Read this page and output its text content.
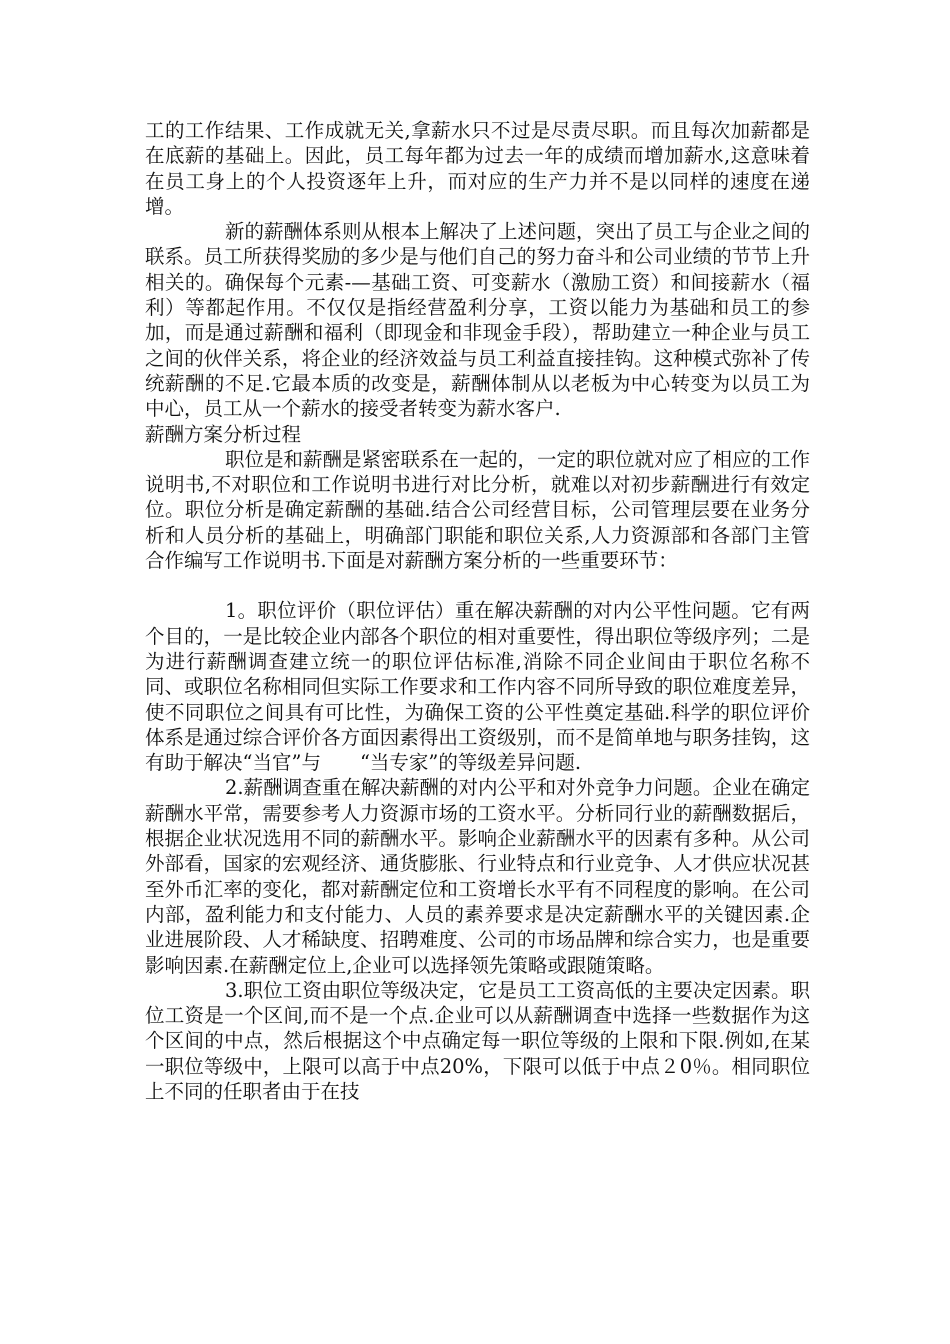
工的工作结果、工作成就无关,拿薪水只不过是尽责尽职。而且每次加薪都是在底薪的基础上。因此，员工每年都为过去一年的成绩而增加薪水,这意味着在员工身上的个人投资逐年上升，而对应的生产力并不是以同样的速度在递增。

新的薪酬体系则从根本上解决了上述问题，突出了员工与企业之间的联系。员工所获得奖励的多少是与他们自己的努力奋斗和公司业绩的节节上升相关的。确保每个元素-—基础工资、可变薪水（激励工资）和间接薪水（福利）等都起作用。不仅仅是指经营盈利分享，工资以能力为基础和员工的参加，而是通过薪酬和福利（即现金和非现金手段），帮助建立一种企业与员工之间的伙伴关系，将企业的经济效益与员工利益直接挂钩。这种模式弥补了传统薪酬的不足.它最本质的改变是，薪酬体制从以老板为中心转变为以员工为中心，员工从一个薪水的接受者转变为薪水客户.

薪酬方案分析过程

职位是和薪酬是紧密联系在一起的，一定的职位就对应了相应的工作说明书,不对职位和工作说明书进行对比分析，就难以对初步薪酬进行有效定位。职位分析是确定薪酬的基础.结合公司经营目标，公司管理层要在业务分析和人员分析的基础上，明确部门职能和职位关系,人力资源部和各部门主管合作编写工作说明书.下面是对薪酬方案分析的一些重要环节：

1。职位评价（职位评估）重在解决薪酬的对内公平性问题。它有两个目的，一是比较企业内部各个职位的相对重要性，得出职位等级序列；二是为进行薪酬调查建立统一的职位评估标准,消除不同企业间由于职位名称不同、或职位名称相同但实际工作要求和工作内容不同所导致的职位难度差异，使不同职位之间具有可比性，为确保工资的公平性奠定基础.科学的职位评价体系是通过综合评价各方面因素得出工资级别，而不是简单地与职务挂钩，这有助于解决“当官”与　　“当专家”的等级差异问题.

2.薪酬调查重在解决薪酬的对内公平和对外竞争力问题。企业在确定薪酬水平常，需要参考人力资源市场的工资水平。分析同行业的薪酬数据后，根据企业状况选用不同的薪酬水平。影响企业薪酬水平的因素有多种。从公司外部看，国家的宏观经济、通货膨胀、行业特点和行业竞争、人才供应状况甚至外币汇率的变化，都对薪酬定位和工资增长水平有不同程度的影响。在公司内部，盈利能力和支付能力、人员的素养要求是决定薪酬水平的关键因素.企业进展阶段、人才稀缺度、招聘难度、公司的市场品牌和综合实力，也是重要影响因素.在薪酬定位上,企业可以选择领先策略或跟随策略。

3.职位工资由职位等级决定，它是员工工资高低的主要决定因素。职位工资是一个区间,而不是一个点.企业可以从薪酬调查中选择一些数据作为这个区间的中点，然后根据这个中点确定每一职位等级的上限和下限.例如,在某一职位等级中，上限可以高于中点20%，下限可以低于中点２0％。相同职位上不同的任职者由于在技
